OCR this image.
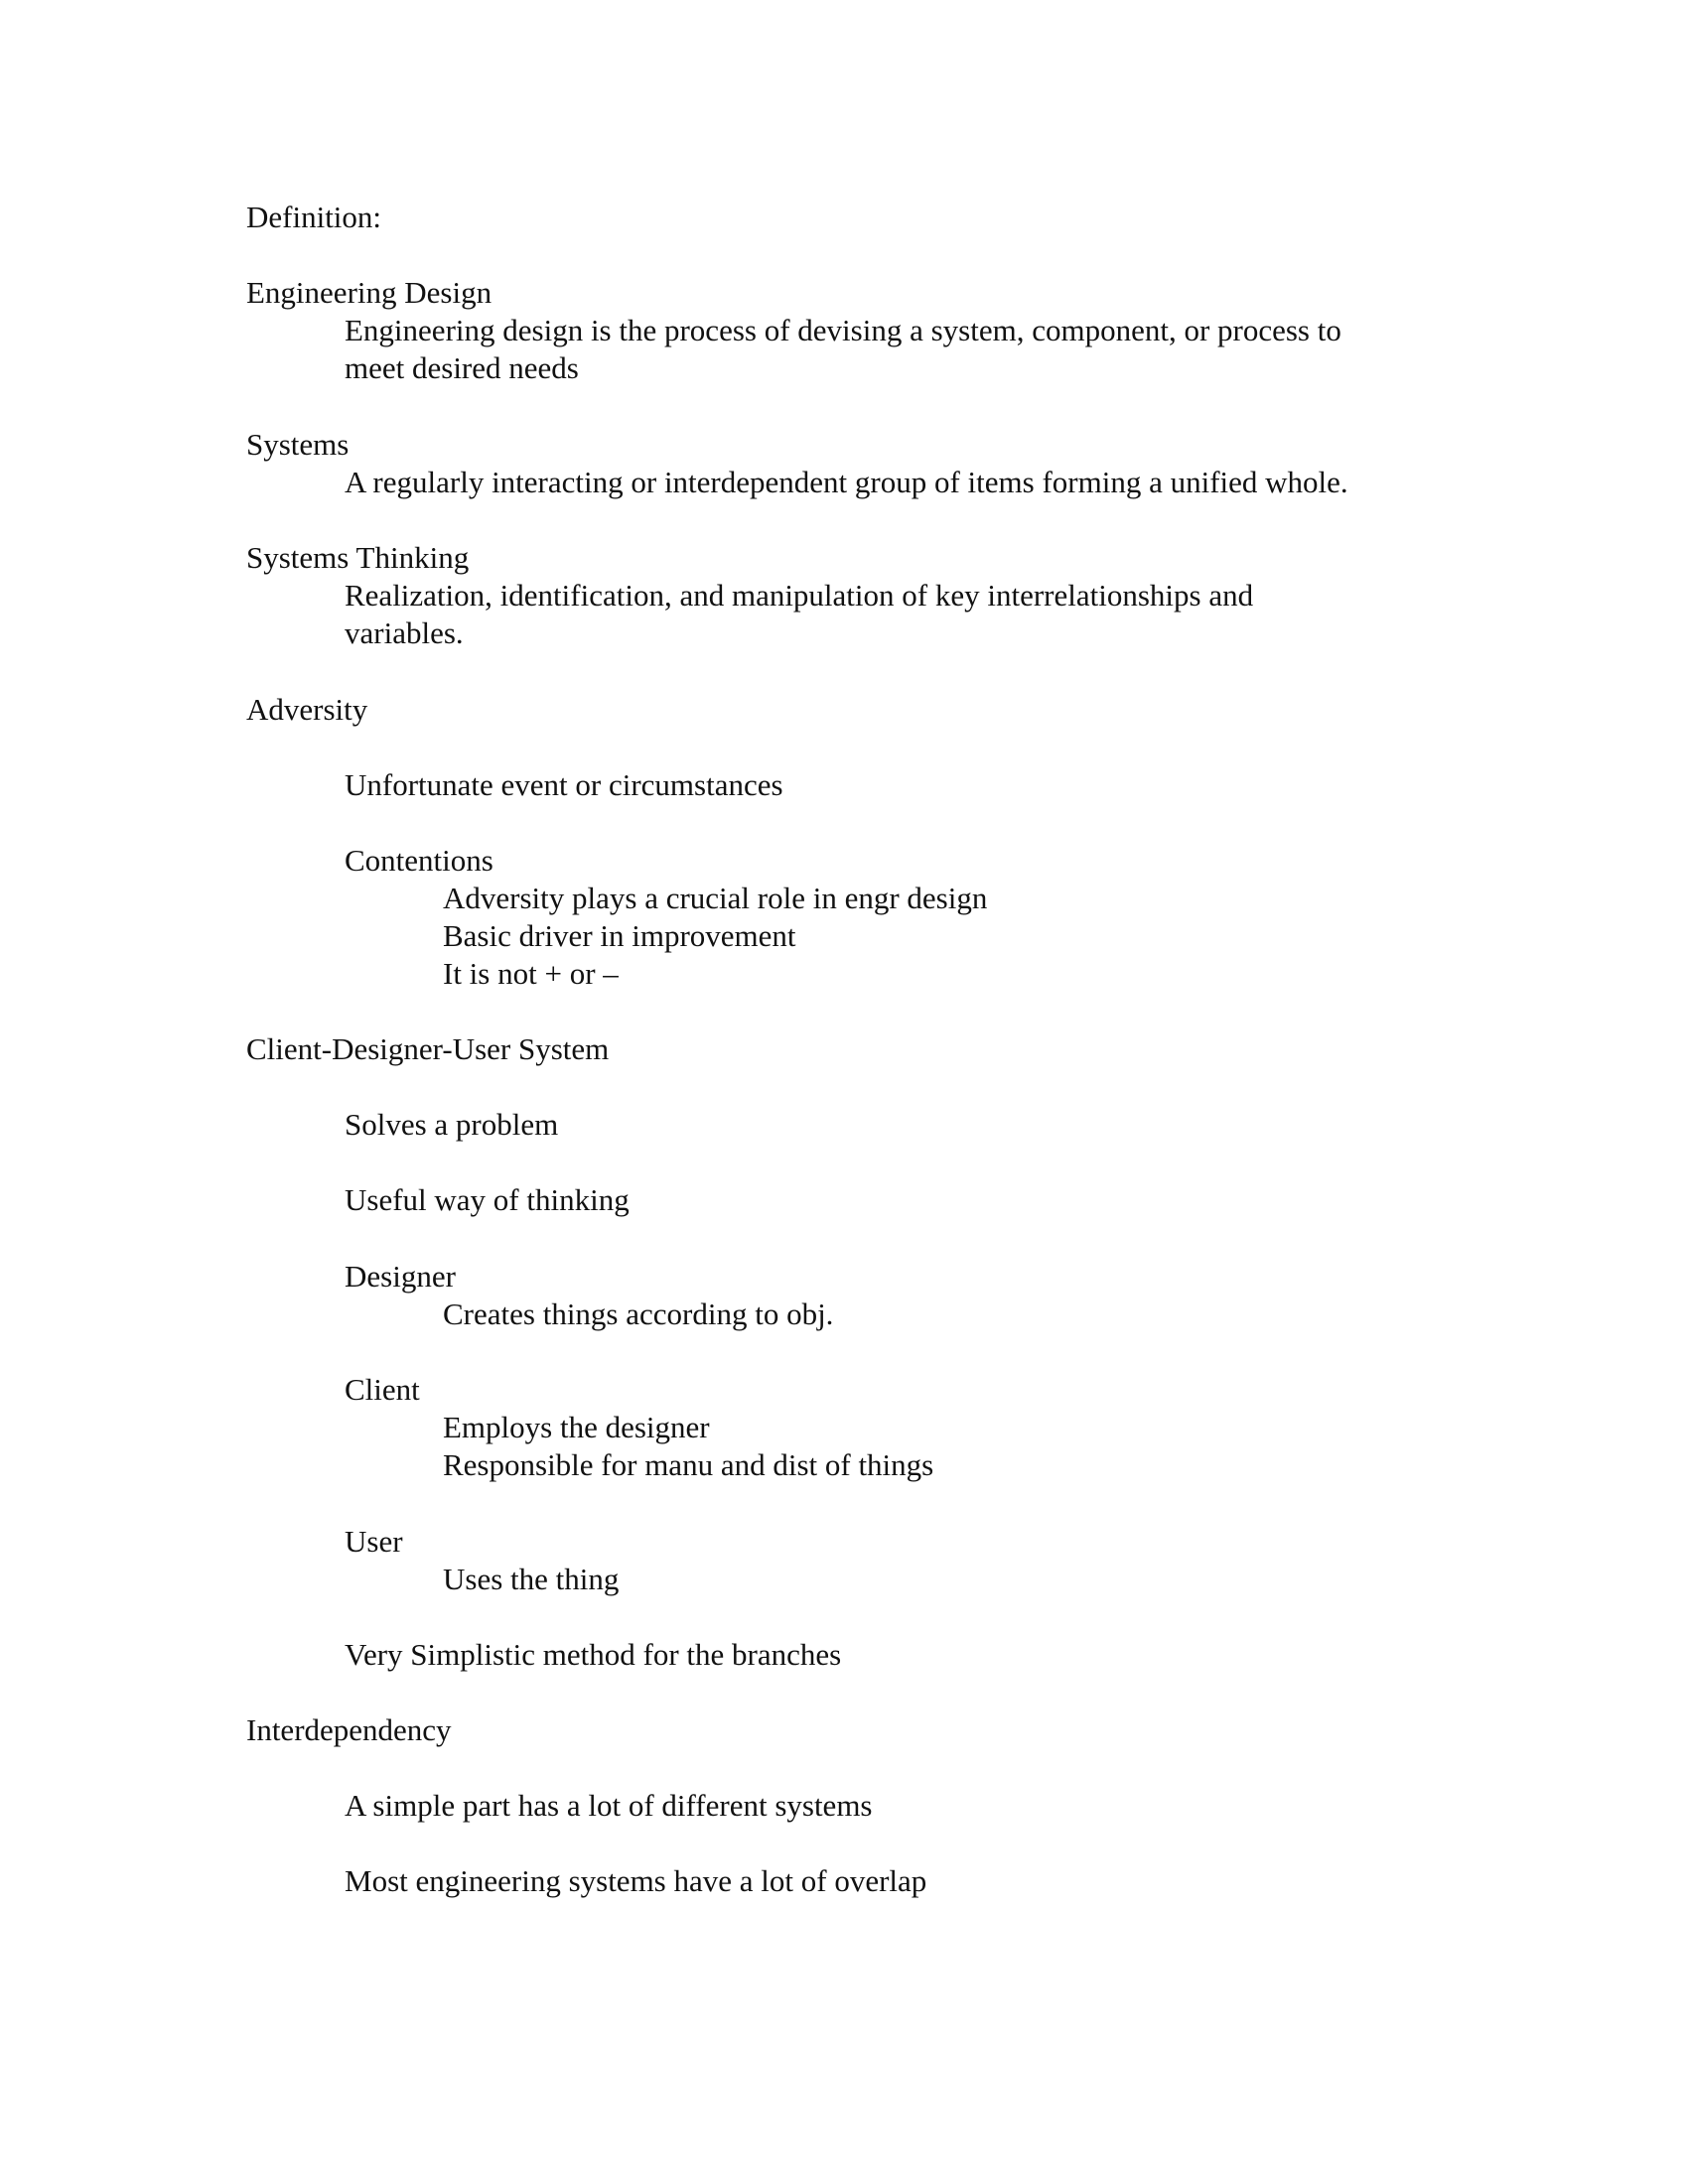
Definition:
Engineering Design
Engineering design is the process of devising a system, component, or process to
meet desired needs
Systems
A regularly interacting or interdependent group of items forming a unified whole.
Systems Thinking
Realization, identification, and manipulation of key interrelationships and
variables.
Adversity
Unfortunate event or circumstances
Contentions
Adversity plays a crucial role in engr design
Basic driver in improvement
It is not + or –
Client-Designer-User System
Solves a problem
Useful way of thinking
Designer
Creates things according to obj.
Client
Employs the designer
Responsible for manu and dist of things
User
Uses the thing
Very Simplistic method for the branches
Interdependency
A simple part has a lot of different systems
Most engineering systems have a lot of overlap
